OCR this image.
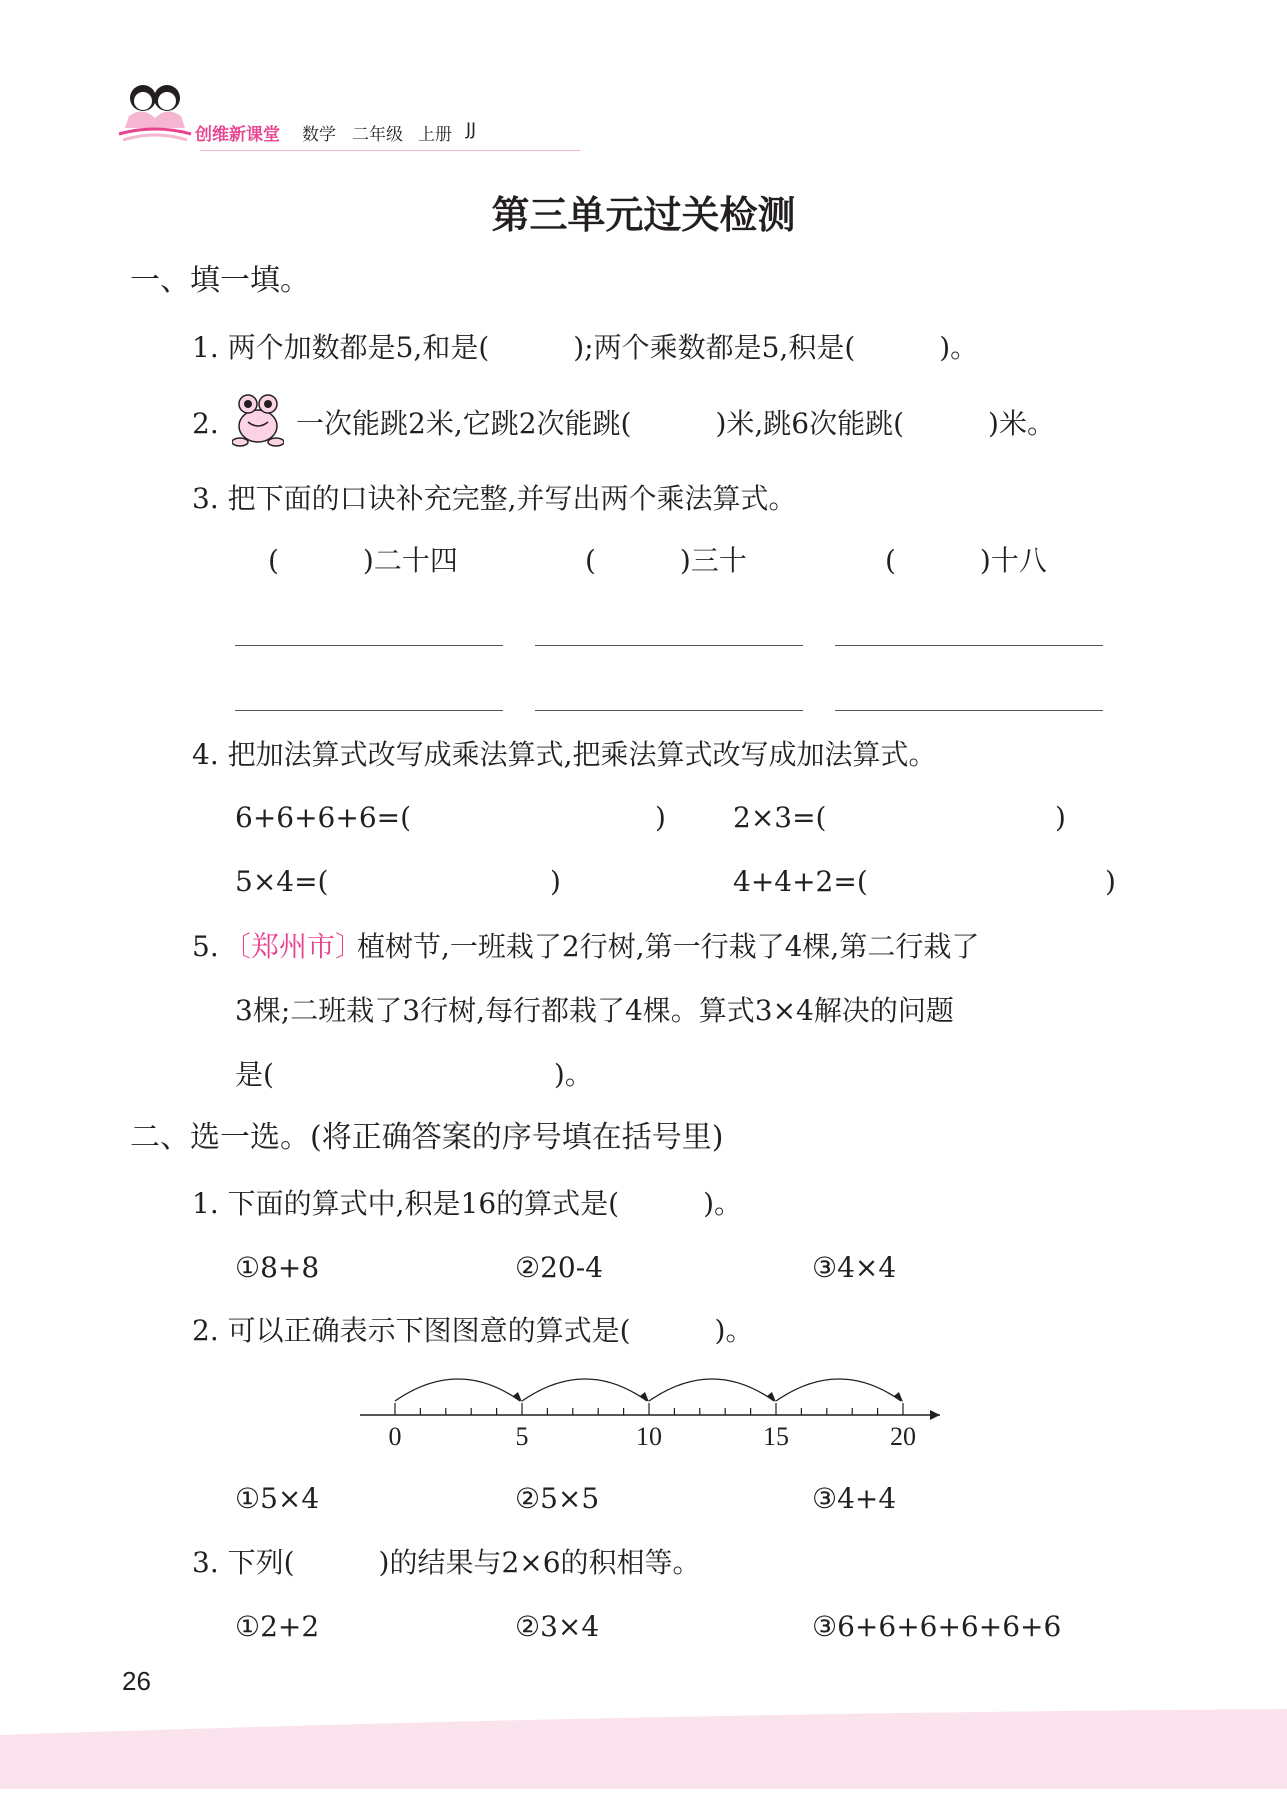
创维新课堂 数学 二年级 上册 JJ
第三单元过关检测
一、填一填。
1. 两个加数都是5,和是(　　　);两个乘数都是5,积是(　　　)。
2.	一次能跳2米,它跳2次能跳(　　　)米,跳6次能跳(　　　)米。
3. 把下面的口诀补充完整,并写出两个乘法算式。
(　　　)二十四	(　　　)三十	(　　　)十八
4. 把加法算式改写成乘法算式,把乘法算式改写成加法算式。
6+6+6+6=(	) 2×3=(	)
5×4=(	)	4+4+2=(	)
5. 〔郑州市〕
植树节,一班栽了2行树,第一行栽了4棵,第二行栽了
3棵;二班栽了3行树,每行都栽了4棵。算式3×4解决的问题
是(　　　　　　　　　　)。
二、选一选。(将正确答案的序号填在括号里)
1. 下面的算式中,积是16的算式是(　　　)。
①8+8	②20-4	③4×4
2. 可以正确表示下图图意的算式是(　　　)。
0	5	10	15	20
①5×4	②5×5	③4+4
3. 下列(　　　)的结果与2×6的积相等。
①2+2	②3×4	③6+6+6+6+6+6
26
